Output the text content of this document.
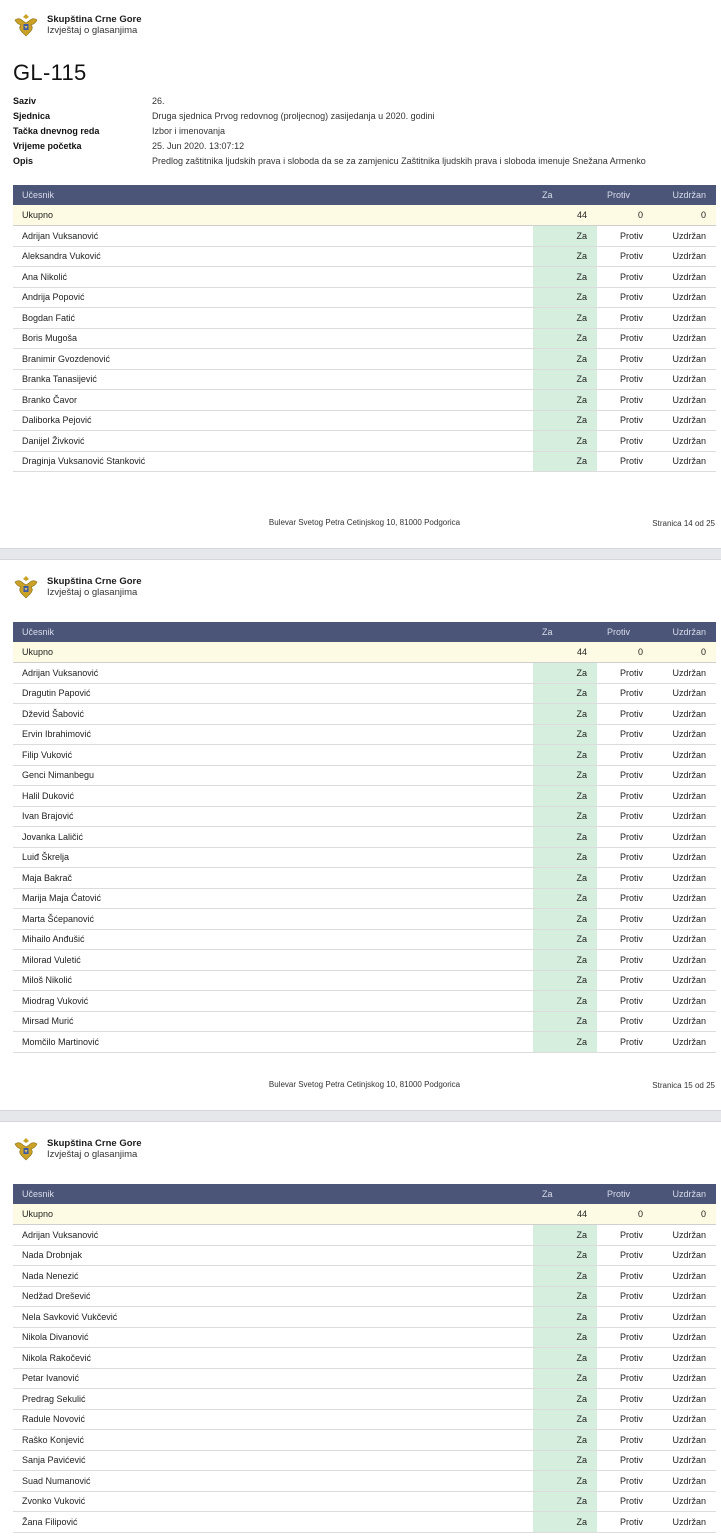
Skupština Crne Gore
Izvještaj o glasanjima
GL-115
Saziv	26.
Sjednica	Druga sjednica Prvog redovnog (proljecnog) zasijedanja u 2020. godini
Tačka dnevnog reda	Izbor i imenovanja
Vrijeme početka	25. Jun 2020. 13:07:12
Opis	Predlog zaštitnika ljudskih prava i sloboda da se za zamjenicu Zaštitnika ljudskih prava i sloboda imenuje Snežana Armenko
Učesnik	Za	Protiv	Uzdržan
Ukupno	44	0	0
Adrijan Vuksanović	Za	Protiv	Uzdržan
Aleksandra Vuković	Za	Protiv	Uzdržan
Ana Nikolić	Za	Protiv	Uzdržan
Andrija Popović	Za	Protiv	Uzdržan
Bogdan Fatić	Za	Protiv	Uzdržan
Boris Mugoša	Za	Protiv	Uzdržan
Branimir Gvozdenović	Za	Protiv	Uzdržan
Branka Tanasijević	Za	Protiv	Uzdržan
Branko Čavor	Za	Protiv	Uzdržan
Daliborka Pejović	Za	Protiv	Uzdržan
Danijel Živković	Za	Protiv	Uzdržan
Draginja Vuksanović Stanković	Za	Protiv	Uzdržan
Bulevar Svetog Petra Cetinjskog 10, 81000 Podgorica	Stranica 14 od 25
Skupština Crne Gore
Izvještaj o glasanjima
Učesnik	Za	Protiv	Uzdržan
Ukupno	44	0	0
Adrijan Vuksanović	Za	Protiv	Uzdržan
Dragutin Papović	Za	Protiv	Uzdržan
Dževid Šabović	Za	Protiv	Uzdržan
Ervin Ibrahimović	Za	Protiv	Uzdržan
Filip Vuković	Za	Protiv	Uzdržan
Genci Nimanbegu	Za	Protiv	Uzdržan
Halil Duković	Za	Protiv	Uzdržan
Ivan Brajović	Za	Protiv	Uzdržan
Jovanka Laličić	Za	Protiv	Uzdržan
Luiđ Škrelja	Za	Protiv	Uzdržan
Maja Bakrač	Za	Protiv	Uzdržan
Marija Maja Ćatović	Za	Protiv	Uzdržan
Marta Šćepanović	Za	Protiv	Uzdržan
Mihailo Anđušić	Za	Protiv	Uzdržan
Milorad Vuletić	Za	Protiv	Uzdržan
Miloš Nikolić	Za	Protiv	Uzdržan
Miodrag Vuković	Za	Protiv	Uzdržan
Mirsad Murić	Za	Protiv	Uzdržan
Momčilo Martinović	Za	Protiv	Uzdržan
Bulevar Svetog Petra Cetinjskog 10, 81000 Podgorica	Stranica 15 od 25
Skupština Crne Gore
Izvještaj o glasanjima
Učesnik	Za	Protiv	Uzdržan
Ukupno	44	0	0
Adrijan Vuksanović	Za	Protiv	Uzdržan
Nada Drobnjak	Za	Protiv	Uzdržan
Nada Nenezić	Za	Protiv	Uzdržan
Nedžad Drešević	Za	Protiv	Uzdržan
Nela Savković Vukčević	Za	Protiv	Uzdržan
Nikola Divanović	Za	Protiv	Uzdržan
Nikola Rakočević	Za	Protiv	Uzdržan
Petar Ivanović	Za	Protiv	Uzdržan
Predrag Sekulić	Za	Protiv	Uzdržan
Radule Novović	Za	Protiv	Uzdržan
Raško Konjević	Za	Protiv	Uzdržan
Sanja Pavićević	Za	Protiv	Uzdržan
Suad Numanović	Za	Protiv	Uzdržan
Zvonko Vuković	Za	Protiv	Uzdržan
Žana Filipović	Za	Protiv	Uzdržan
